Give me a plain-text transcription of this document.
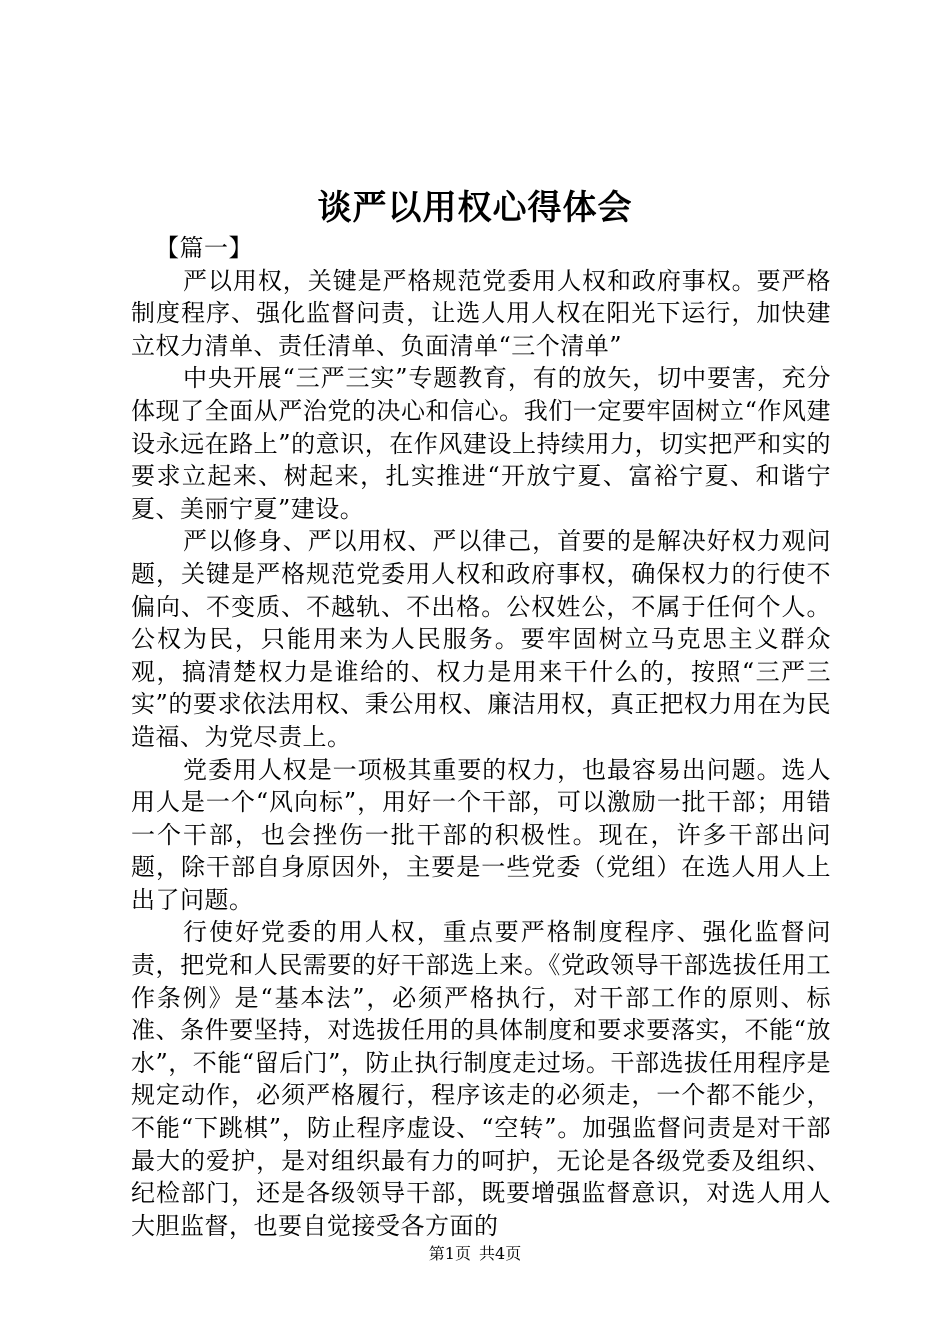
谈严以用权心得体会

【篇一】

严以用权，关键是严格规范党委用人权和政府事权。要严格制度程序、强化监督问责，让选人用人权在阳光下运行，加快建立权力清单、责任清单、负面清单“三个清单”

中央开展“三严三实”专题教育，有的放矢，切中要害，充分体现了全面从严治党的决心和信心。我们一定要牢固树立“作风建设永远在路上”的意识，在作风建设上持续用力，切实把严和实的要求立起来、树起来，扎实推进“开放宁夏、富裕宁夏、和谐宁夏、美丽宁夏”建设。

严以修身、严以用权、严以律己，首要的是解决好权力观问题，关键是严格规范党委用人权和政府事权，确保权力的行使不偏向、不变质、不越轨、不出格。公权姓公，不属于任何个人。公权为民，只能用来为人民服务。要牢固树立马克思主义群众观，搞清楚权力是谁给的、权力是用来干什么的，按照“三严三实”的要求依法用权、秉公用权、廉洁用权，真正把权力用在为民造福、为党尽责上。

党委用人权是一项极其重要的权力，也最容易出问题。选人用人是一个“风向标”，用好一个干部，可以激励一批干部；用错一个干部，也会挫伤一批干部的积极性。现在，许多干部出问题，除干部自身原因外，主要是一些党委（党组）在选人用人上出了问题。

行使好党委的用人权，重点要严格制度程序、强化监督问责，把党和人民需要的好干部选上来。《党政领导干部选拔任用工作条例》是“基本法”，必须严格执行，对干部工作的原则、标准、条件要坚持，对选拔任用的具体制度和要求要落实，不能“放水”，不能“留后门”，防止执行制度走过场。干部选拔任用程序是规定动作，必须严格履行，程序该走的必须走，一个都不能少，不能“下跳棋”，防止程序虚设、“空转”。加强监督问责是对干部最大的爱护，是对组织最有力的呵护，无论是各级党委及组织、纪检部门，还是各级领导干部，既要增强监督意识，对选人用人大胆监督，也要自觉接受各方面的

第1页 共4页
